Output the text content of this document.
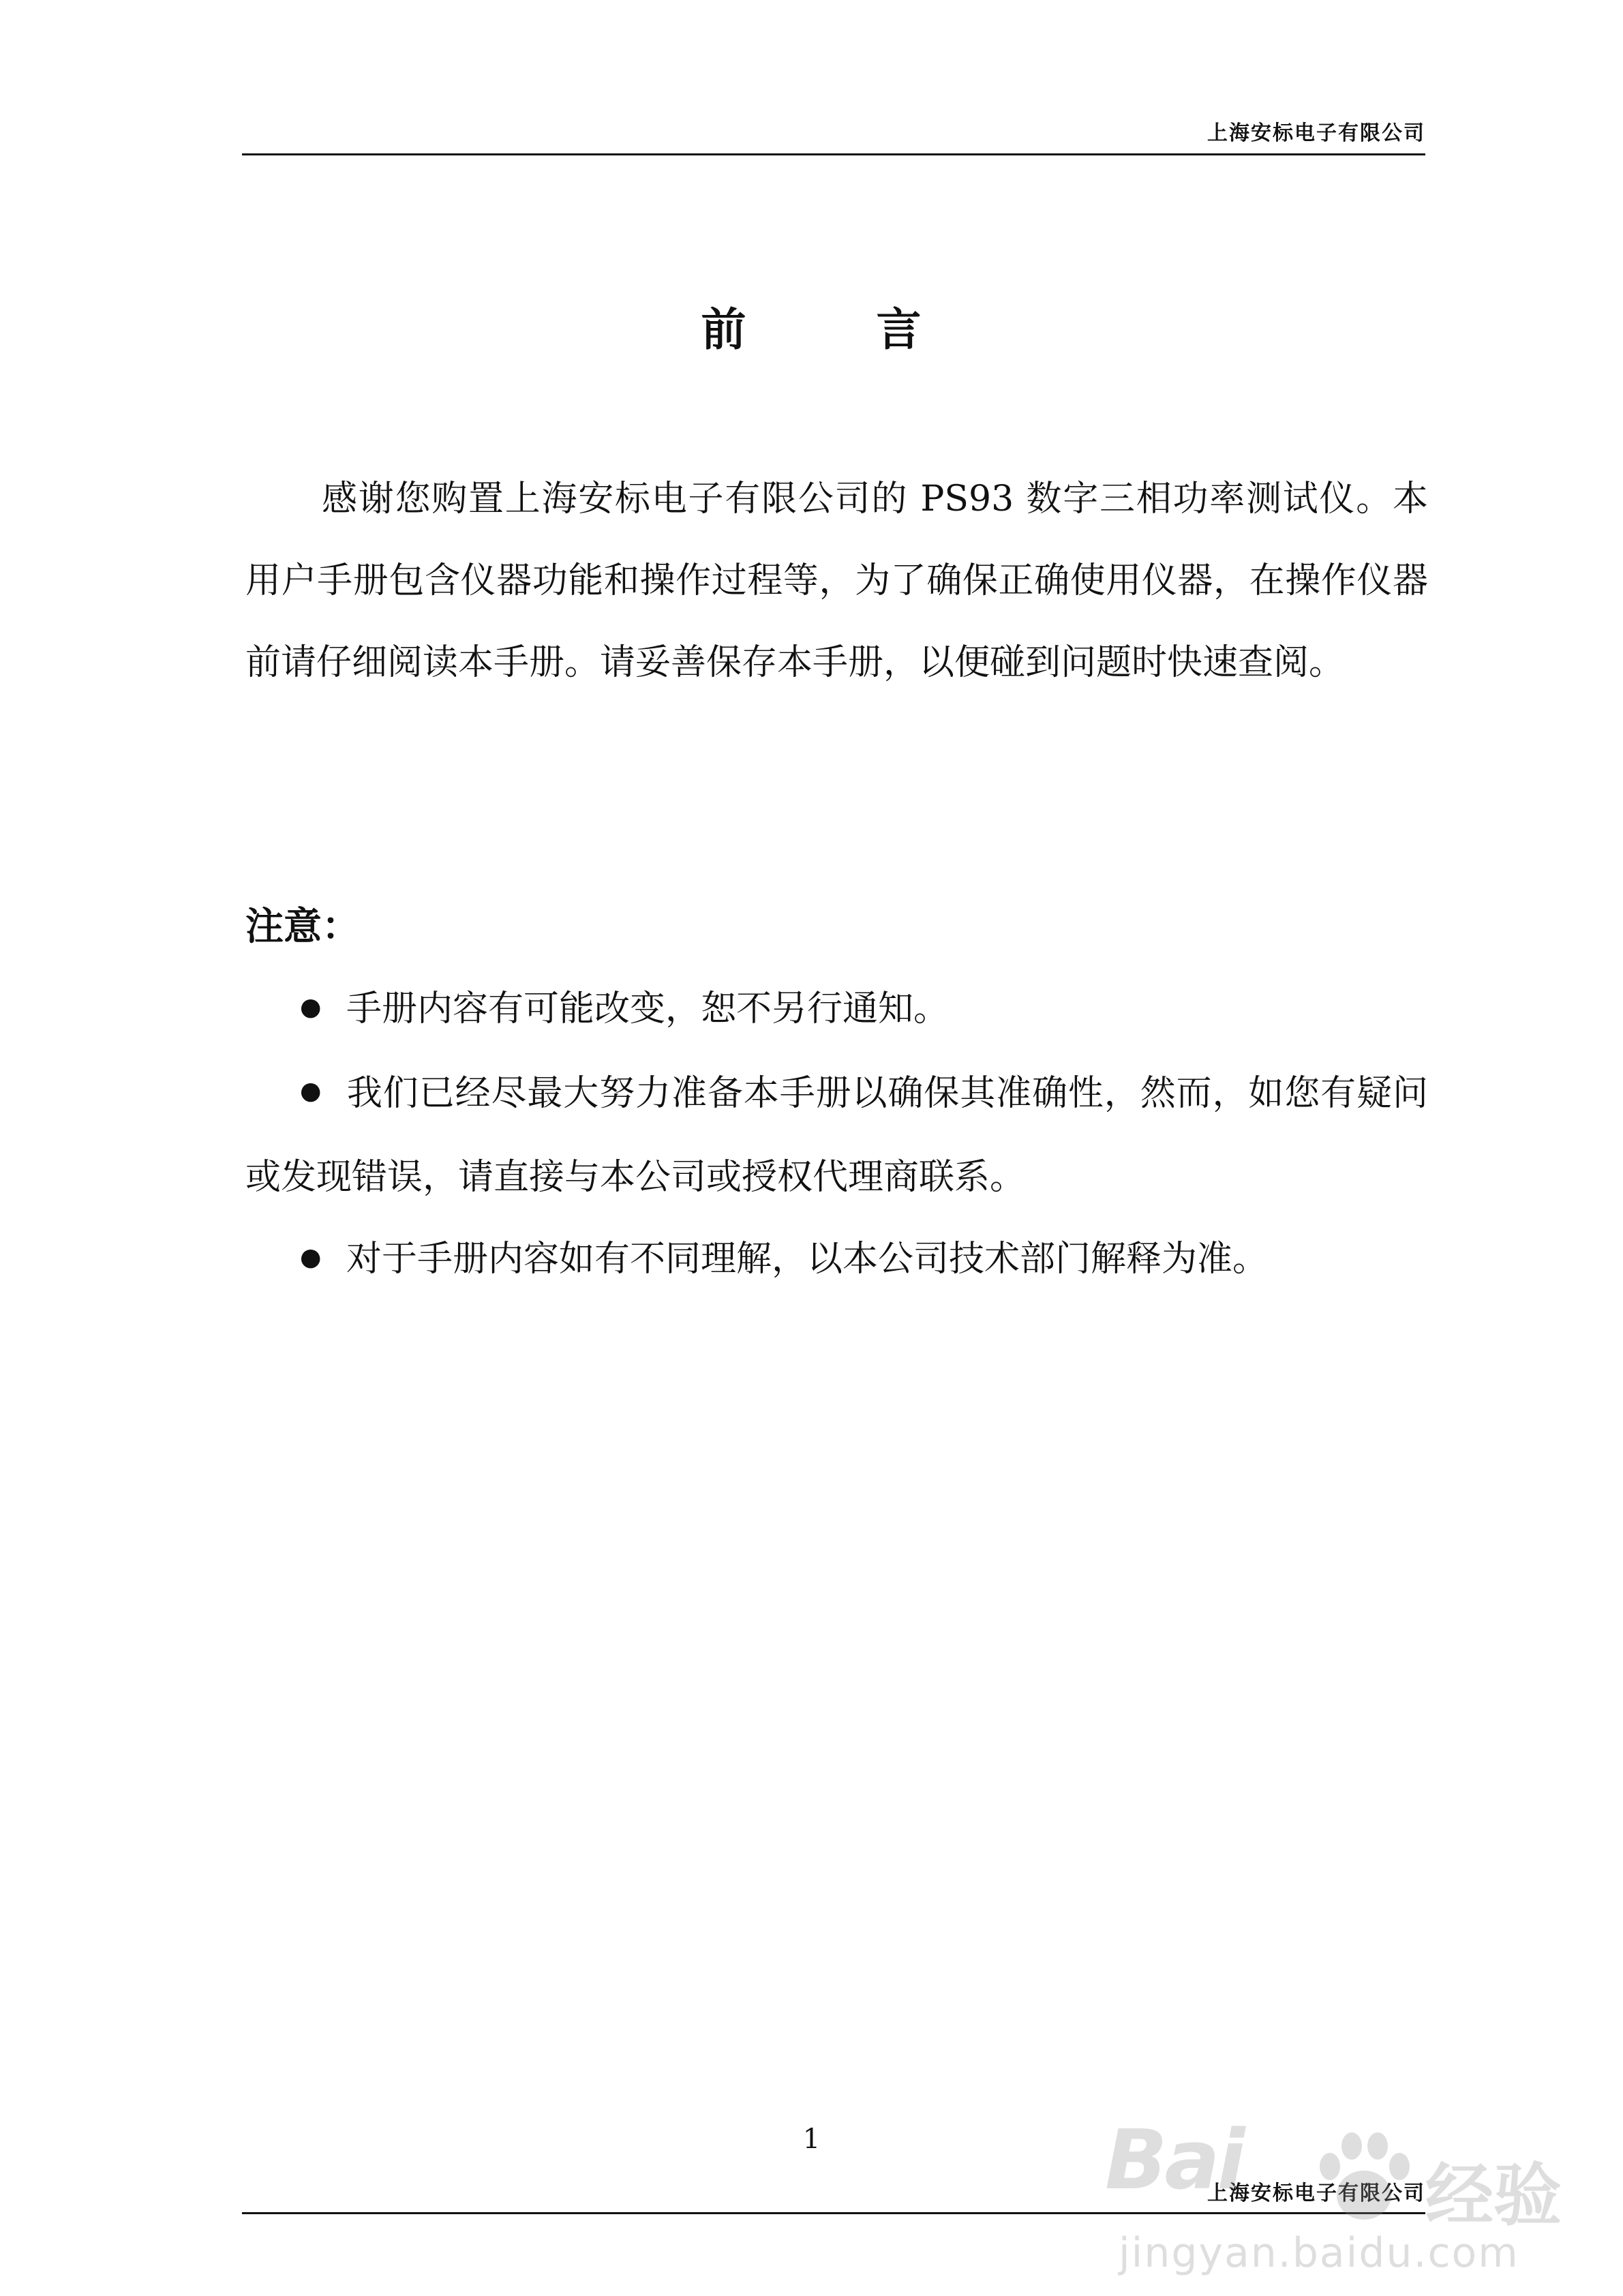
上海安标电子有限公司
前	言

感谢您购置上海安标电子有限公司的 PS93 数字三相功率测试仪。本用户手册包含仪器功能和操作过程等，为了确保正确使用仪器，在操作仪器前请仔细阅读本手册。请妥善保存本手册，以便碰到问题时快速查阅。

注意：
● 手册内容有可能改变，恕不另行通知。
● 我们已经尽最大努力准备本手册以确保其准确性，然而，如您有疑问或发现错误，请直接与本公司或授权代理商联系。
● 对于手册内容如有不同理解，以本公司技术部门解释为准。
1
上海安标电子有限公司
Bai	经验
jingyan.baidu.com
